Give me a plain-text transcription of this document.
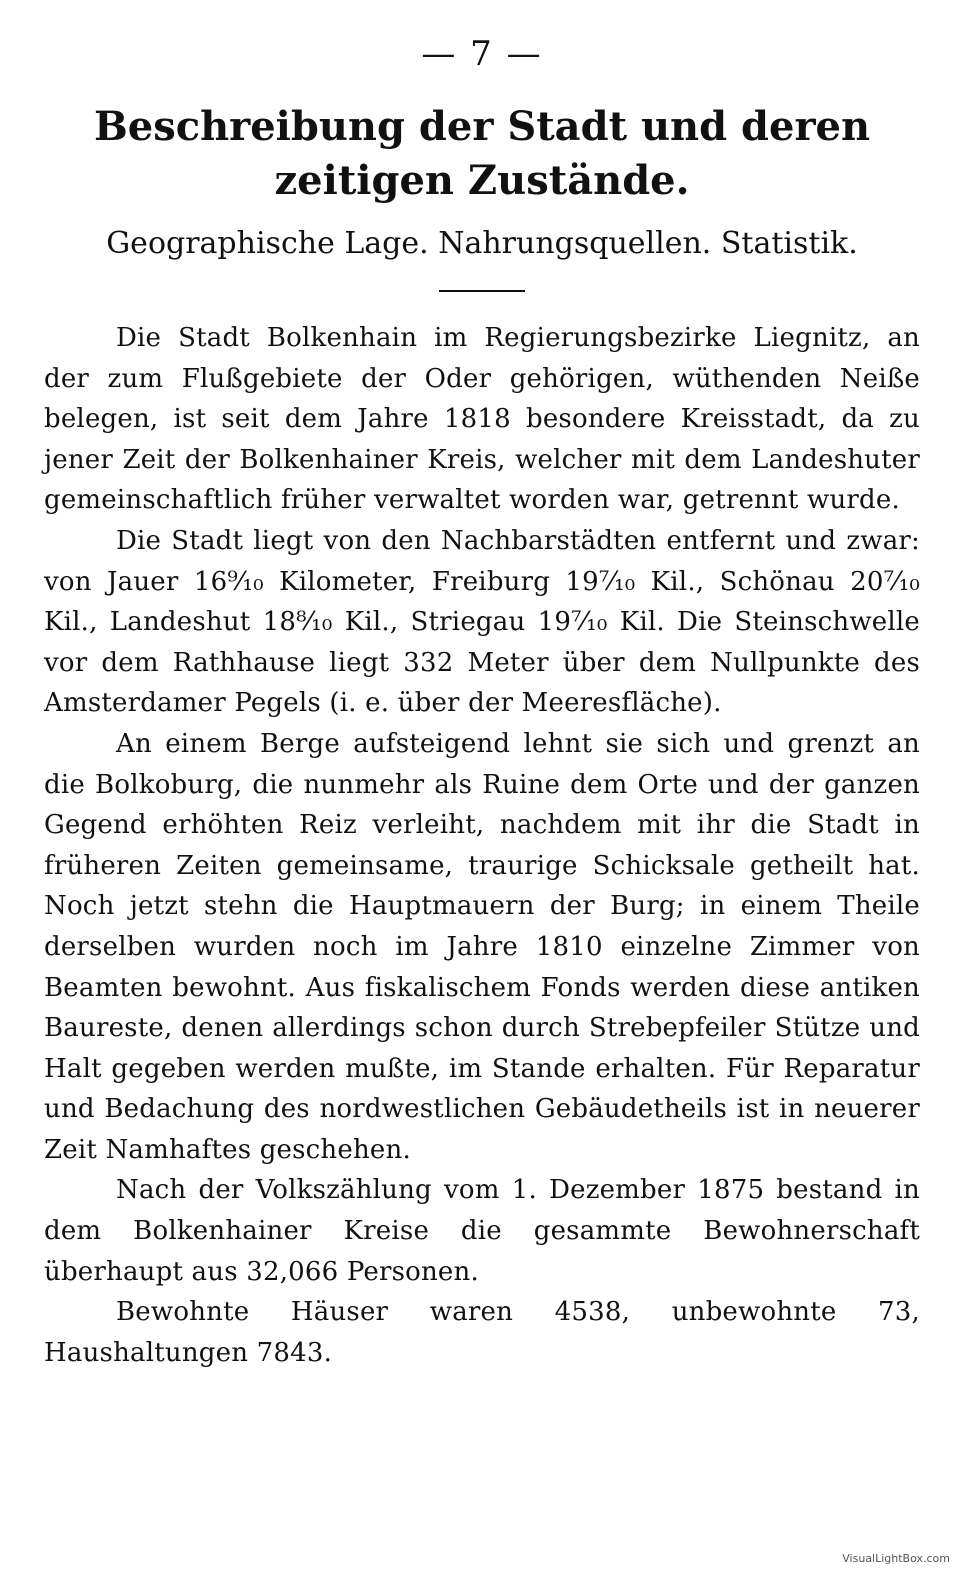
— 7 —
Beschreibung der Stadt und deren zeitigen Zustände.
Geographische Lage. Nahrungsquellen. Statistik.

Die Stadt Bolkenhain im Regierungsbezirke Liegnitz, an der zum Flußgebiete der Oder gehörigen, wüthenden Neiße belegen, ist seit dem Jahre 1818 besondere Kreisstadt, da zu jener Zeit der Bolkenhainer Kreis, welcher mit dem Landeshuter gemeinschaftlich früher verwaltet worden war, getrennt wurde.

Die Stadt liegt von den Nachbarstädten entfernt und zwar: von Jauer 16⁹⁄₁₀ Kilometer, Freiburg 19⁷⁄₁₀ Kil., Schönau 20⁷⁄₁₀ Kil., Landeshut 18⁸⁄₁₀ Kil., Striegau 19⁷⁄₁₀ Kil. Die Steinschwelle vor dem Rathhause liegt 332 Meter über dem Nullpunkte des Amsterdamer Pegels (i. e. über der Meeresfläche).

An einem Berge aufsteigend lehnt sie sich und grenzt an die Bolkoburg, die nunmehr als Ruine dem Orte und der ganzen Gegend erhöhten Reiz verleiht, nachdem mit ihr die Stadt in früheren Zeiten gemeinsame, traurige Schicksale getheilt hat. Noch jetzt stehn die Hauptmauern der Burg; in einem Theile derselben wurden noch im Jahre 1810 einzelne Zimmer von Beamten bewohnt. Aus fiskalischem Fonds werden diese antiken Baureste, denen allerdings schon durch Strebepfeiler Stütze und Halt gegeben werden mußte, im Stande erhalten. Für Reparatur und Bedachung des nordwestlichen Gebäudetheils ist in neuerer Zeit Namhaftes geschehen.

Nach der Volkszählung vom 1. Dezember 1875 bestand in dem Bolkenhainer Kreise die gesammte Bewohnerschaft überhaupt aus 32,066 Personen.

Bewohnte Häuser waren 4538, unbewohnte 73, Haushaltungen 7843.

VisualLightBox.com
